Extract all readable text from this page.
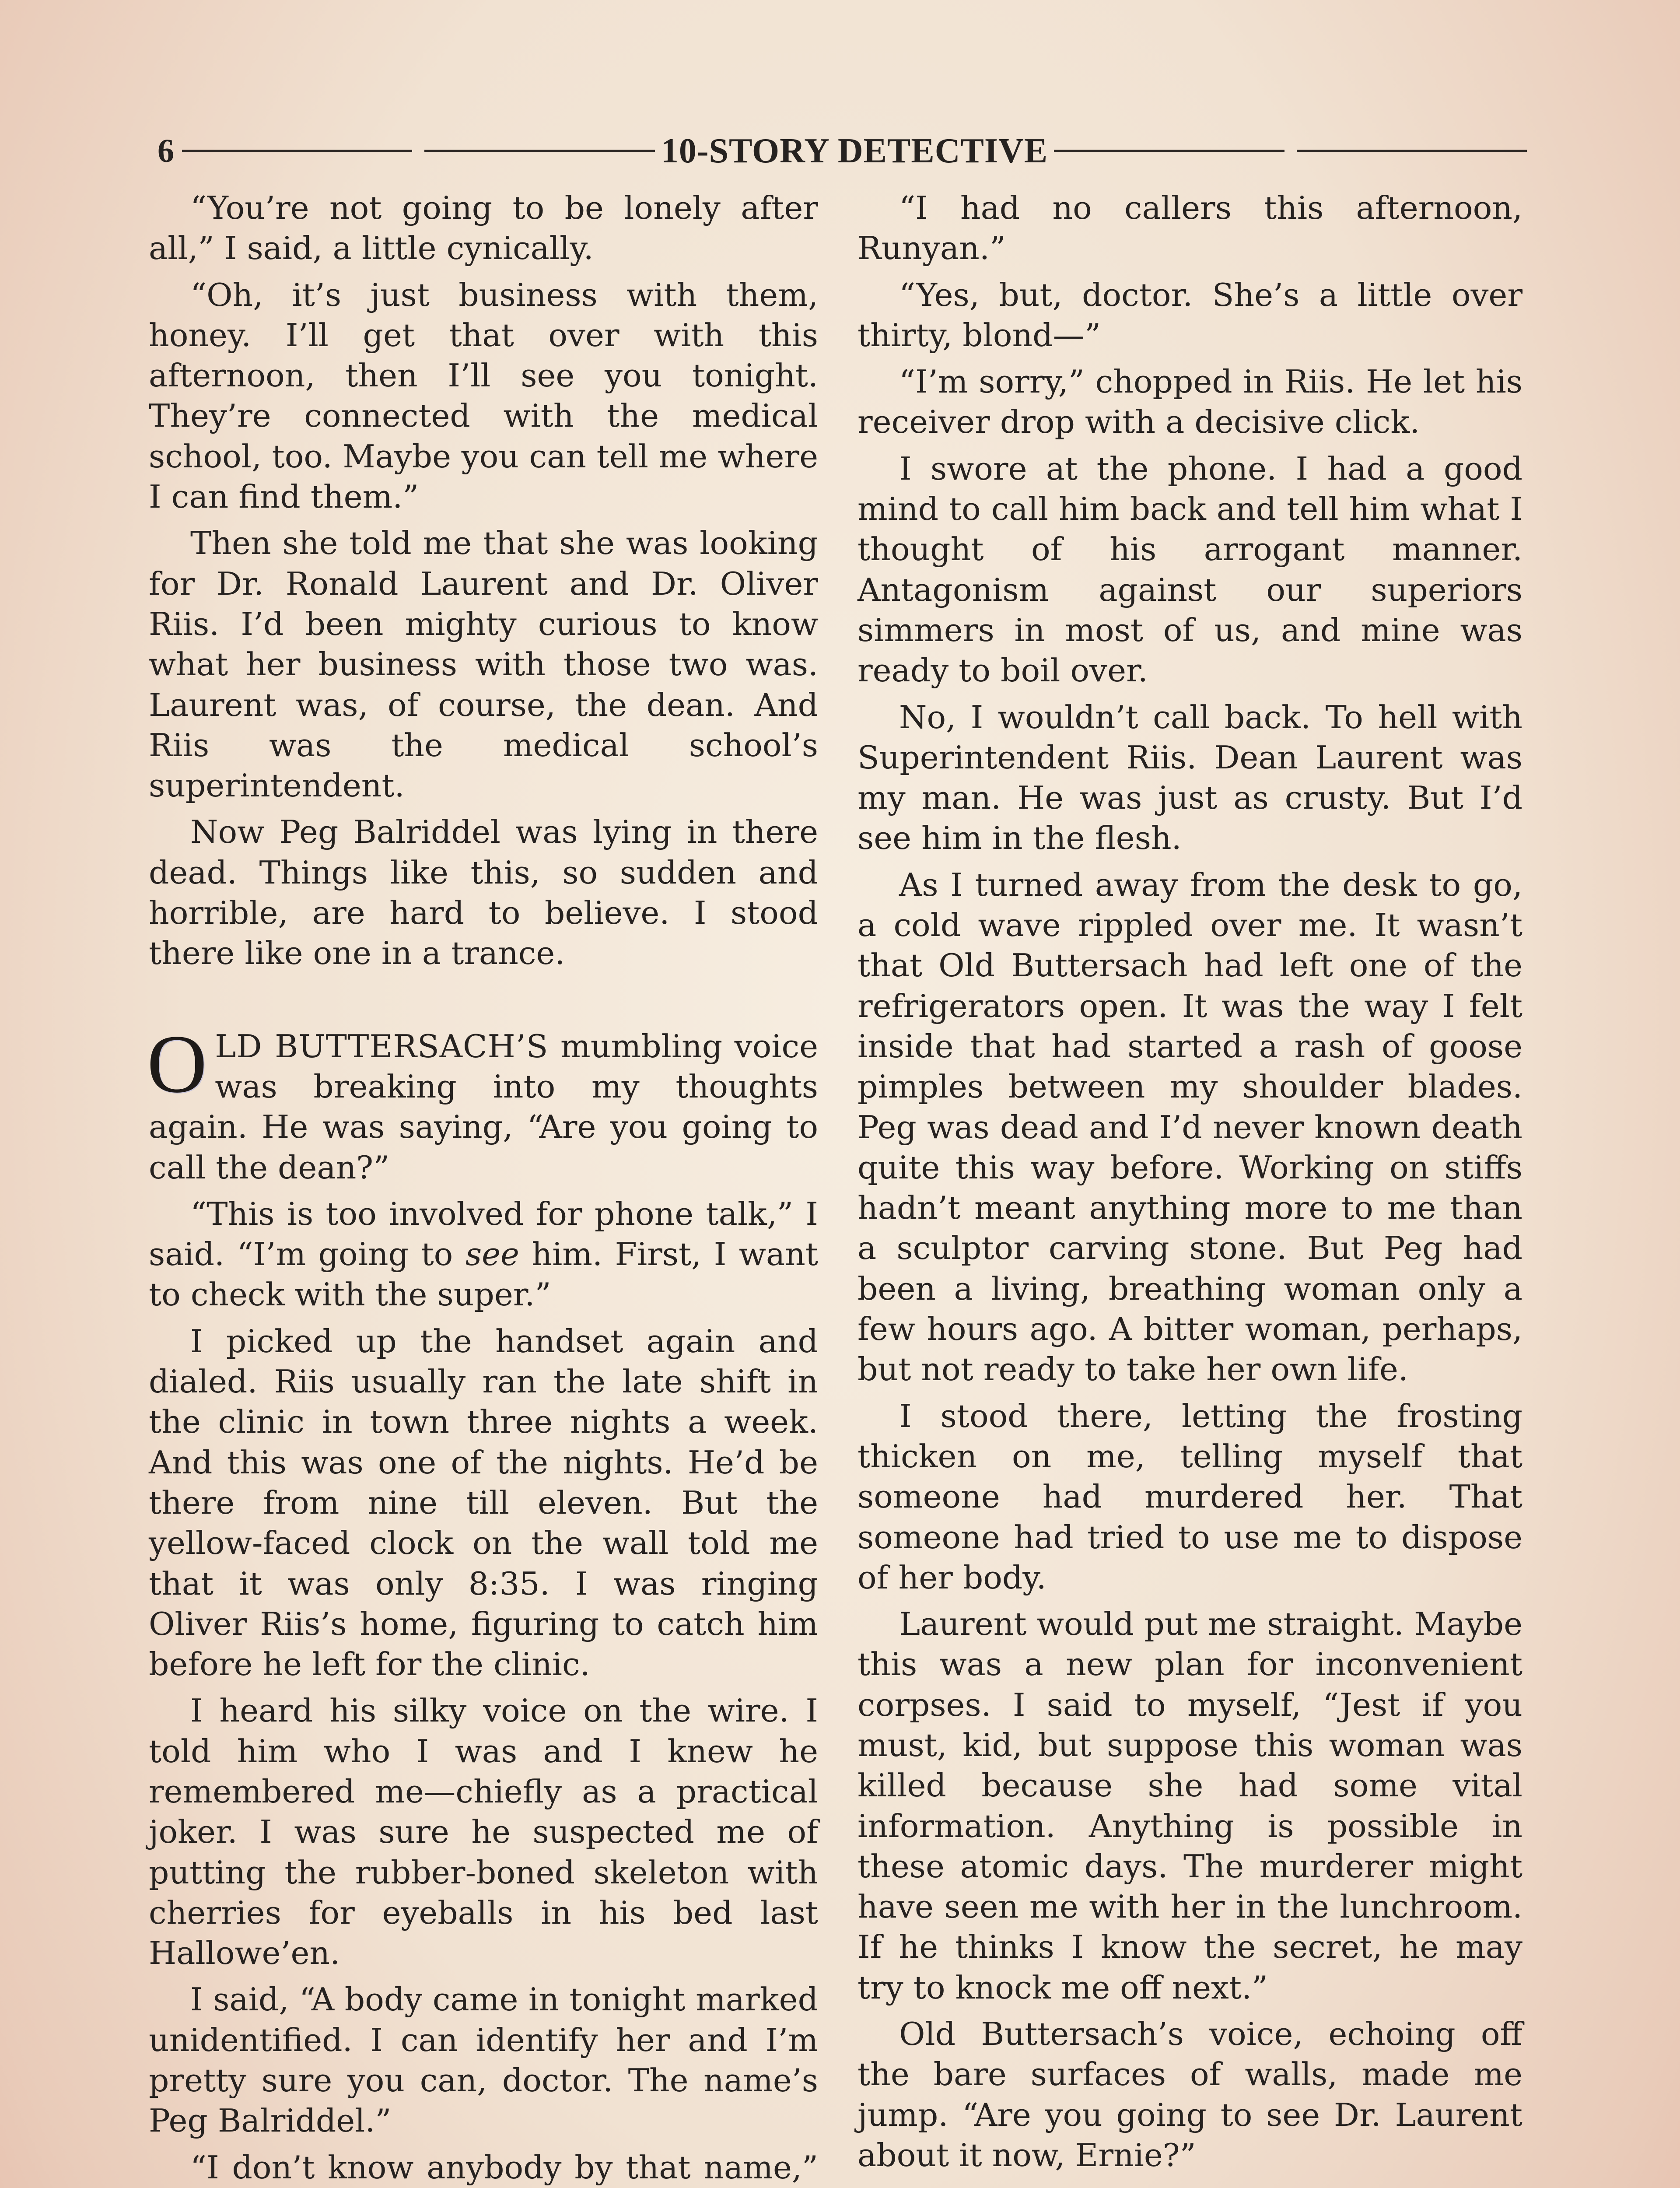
6	10-STORY DETECTIVE

“You’re not going to be lonely after all,” I said, a little cynically.

“Oh, it’s just business with them, honey. I’ll get that over with this afternoon, then I’ll see you tonight. They’re connected with the medical school, too. Maybe you can tell me where I can find them.”

Then she told me that she was looking for Dr. Ronald Laurent and Dr. Oliver Riis. I’d been mighty curious to know what her business with those two was. Laurent was, of course, the dean. And Riis was the medical school’s superintendent.

Now Peg Balriddel was lying in there dead. Things like this, so sudden and horrible, are hard to believe. I stood there like one in a trance.

OLD BUTTERSACH’S mumbling voice was breaking into my thoughts again. He was saying, “Are you going to call the dean?”

“This is too involved for phone talk,” I said. “I’m going to see him. First, I want to check with the super.”

I picked up the handset again and dialed. Riis usually ran the late shift in the clinic in town three nights a week. And this was one of the nights. He’d be there from nine till eleven. But the yellow-faced clock on the wall told me that it was only 8:35. I was ringing Oliver Riis’s home, figuring to catch him before he left for the clinic.

I heard his silky voice on the wire. I told him who I was and I knew he remembered me—chiefly as a practical joker. I was sure he suspected me of putting the rubber-boned skeleton with cherries for eyeballs in his bed last Hallowe’en.

I said, “A body came in tonight marked unidentified. I can identify her and I’m pretty sure you can, doctor. The name’s Peg Balriddel.”

“I don’t know anybody by that name,”

“I had no callers this afternoon, Runyan.”

“Yes, but, doctor. She’s a little over thirty, blond—”

“I’m sorry,” chopped in Riis. He let his receiver drop with a decisive click.

I swore at the phone. I had a good mind to call him back and tell him what I thought of his arrogant manner. Antagonism against our superiors simmers in most of us, and mine was ready to boil over.

No, I wouldn’t call back. To hell with Superintendent Riis. Dean Laurent was my man. He was just as crusty. But I’d see him in the flesh.

As I turned away from the desk to go, a cold wave rippled over me. It wasn’t that Old Buttersach had left one of the refrigerators open. It was the way I felt inside that had started a rash of goose pimples between my shoulder blades. Peg was dead and I’d never known death quite this way before. Working on stiffs hadn’t meant anything more to me than a sculptor carving stone. But Peg had been a living, breathing woman only a few hours ago. A bitter woman, perhaps, but not ready to take her own life.

I stood there, letting the frosting thicken on me, telling myself that someone had murdered her. That someone had tried to use me to dispose of her body.

Laurent would put me straight. Maybe this was a new plan for inconvenient corpses. I said to myself, “Jest if you must, kid, but suppose this woman was killed because she had some vital information. Anything is possible in these atomic days. The murderer might have seen me with her in the lunchroom. If he thinks I know the secret, he may try to knock me off next.”

Old Buttersach’s voice, echoing off the bare surfaces of walls, made me jump. “Are you going to see Dr. Laurent about it now, Ernie?”
